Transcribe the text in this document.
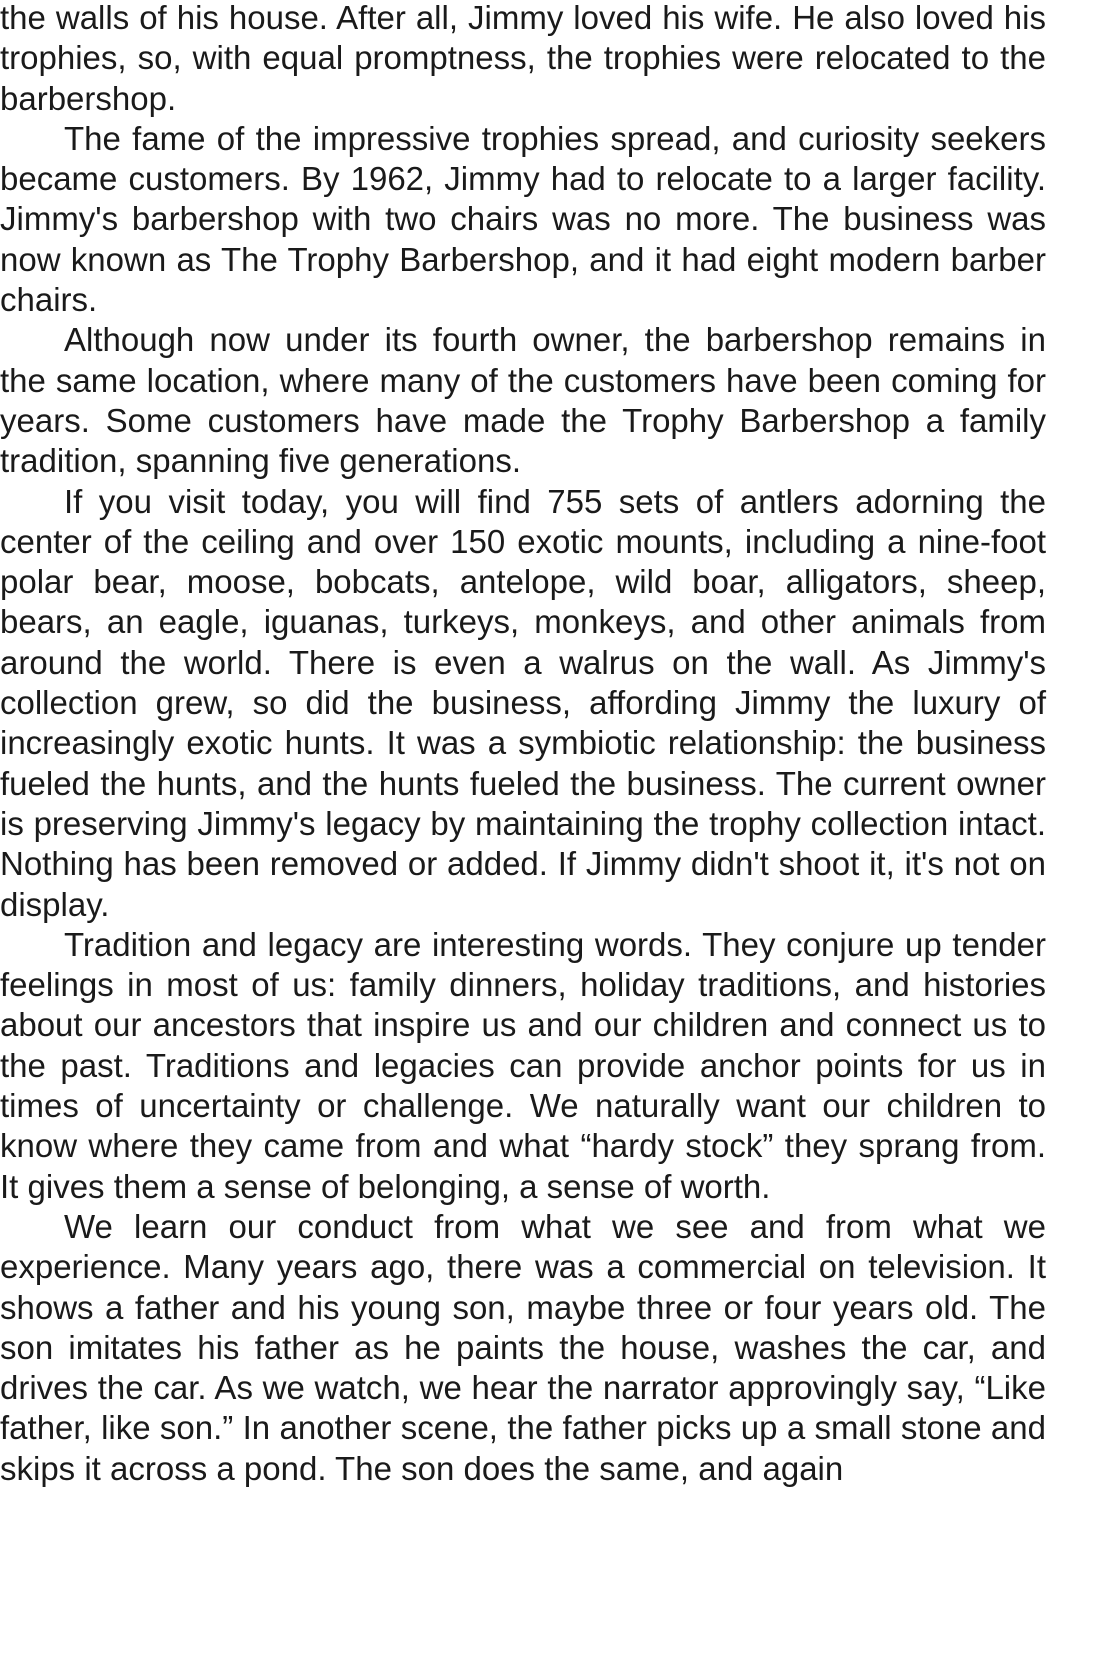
the walls of his house. After all, Jimmy loved his wife. He also loved his trophies, so, with equal promptness, the trophies were relocated to the barbershop.

The fame of the impressive trophies spread, and curiosity seekers became customers. By 1962, Jimmy had to relocate to a larger facility. Jimmy's barbershop with two chairs was no more. The business was now known as The Trophy Barbershop, and it had eight modern barber chairs.

Although now under its fourth owner, the barbershop remains in the same location, where many of the customers have been coming for years. Some customers have made the Trophy Barbershop a family tradition, spanning five generations.

If you visit today, you will find 755 sets of antlers adorning the center of the ceiling and over 150 exotic mounts, including a nine-foot polar bear, moose, bobcats, antelope, wild boar, alligators, sheep, bears, an eagle, iguanas, turkeys, monkeys, and other animals from around the world. There is even a walrus on the wall. As Jimmy's collection grew, so did the business, affording Jimmy the luxury of increasingly exotic hunts. It was a symbiotic relationship: the business fueled the hunts, and the hunts fueled the business. The current owner is preserving Jimmy's legacy by maintaining the trophy collection intact. Nothing has been removed or added. If Jimmy didn't shoot it, it's not on display.

Tradition and legacy are interesting words. They conjure up tender feelings in most of us: family dinners, holiday traditions, and histories about our ancestors that inspire us and our children and connect us to the past. Traditions and legacies can provide anchor points for us in times of uncertainty or challenge. We naturally want our children to know where they came from and what “hardy stock” they sprang from. It gives them a sense of belonging, a sense of worth.

We learn our conduct from what we see and from what we experience. Many years ago, there was a commercial on television. It shows a father and his young son, maybe three or four years old. The son imitates his father as he paints the house, washes the car, and drives the car. As we watch, we hear the narrator approvingly say, “Like father, like son.” In another scene, the father picks up a small stone and skips it across a pond. The son does the same, and again
